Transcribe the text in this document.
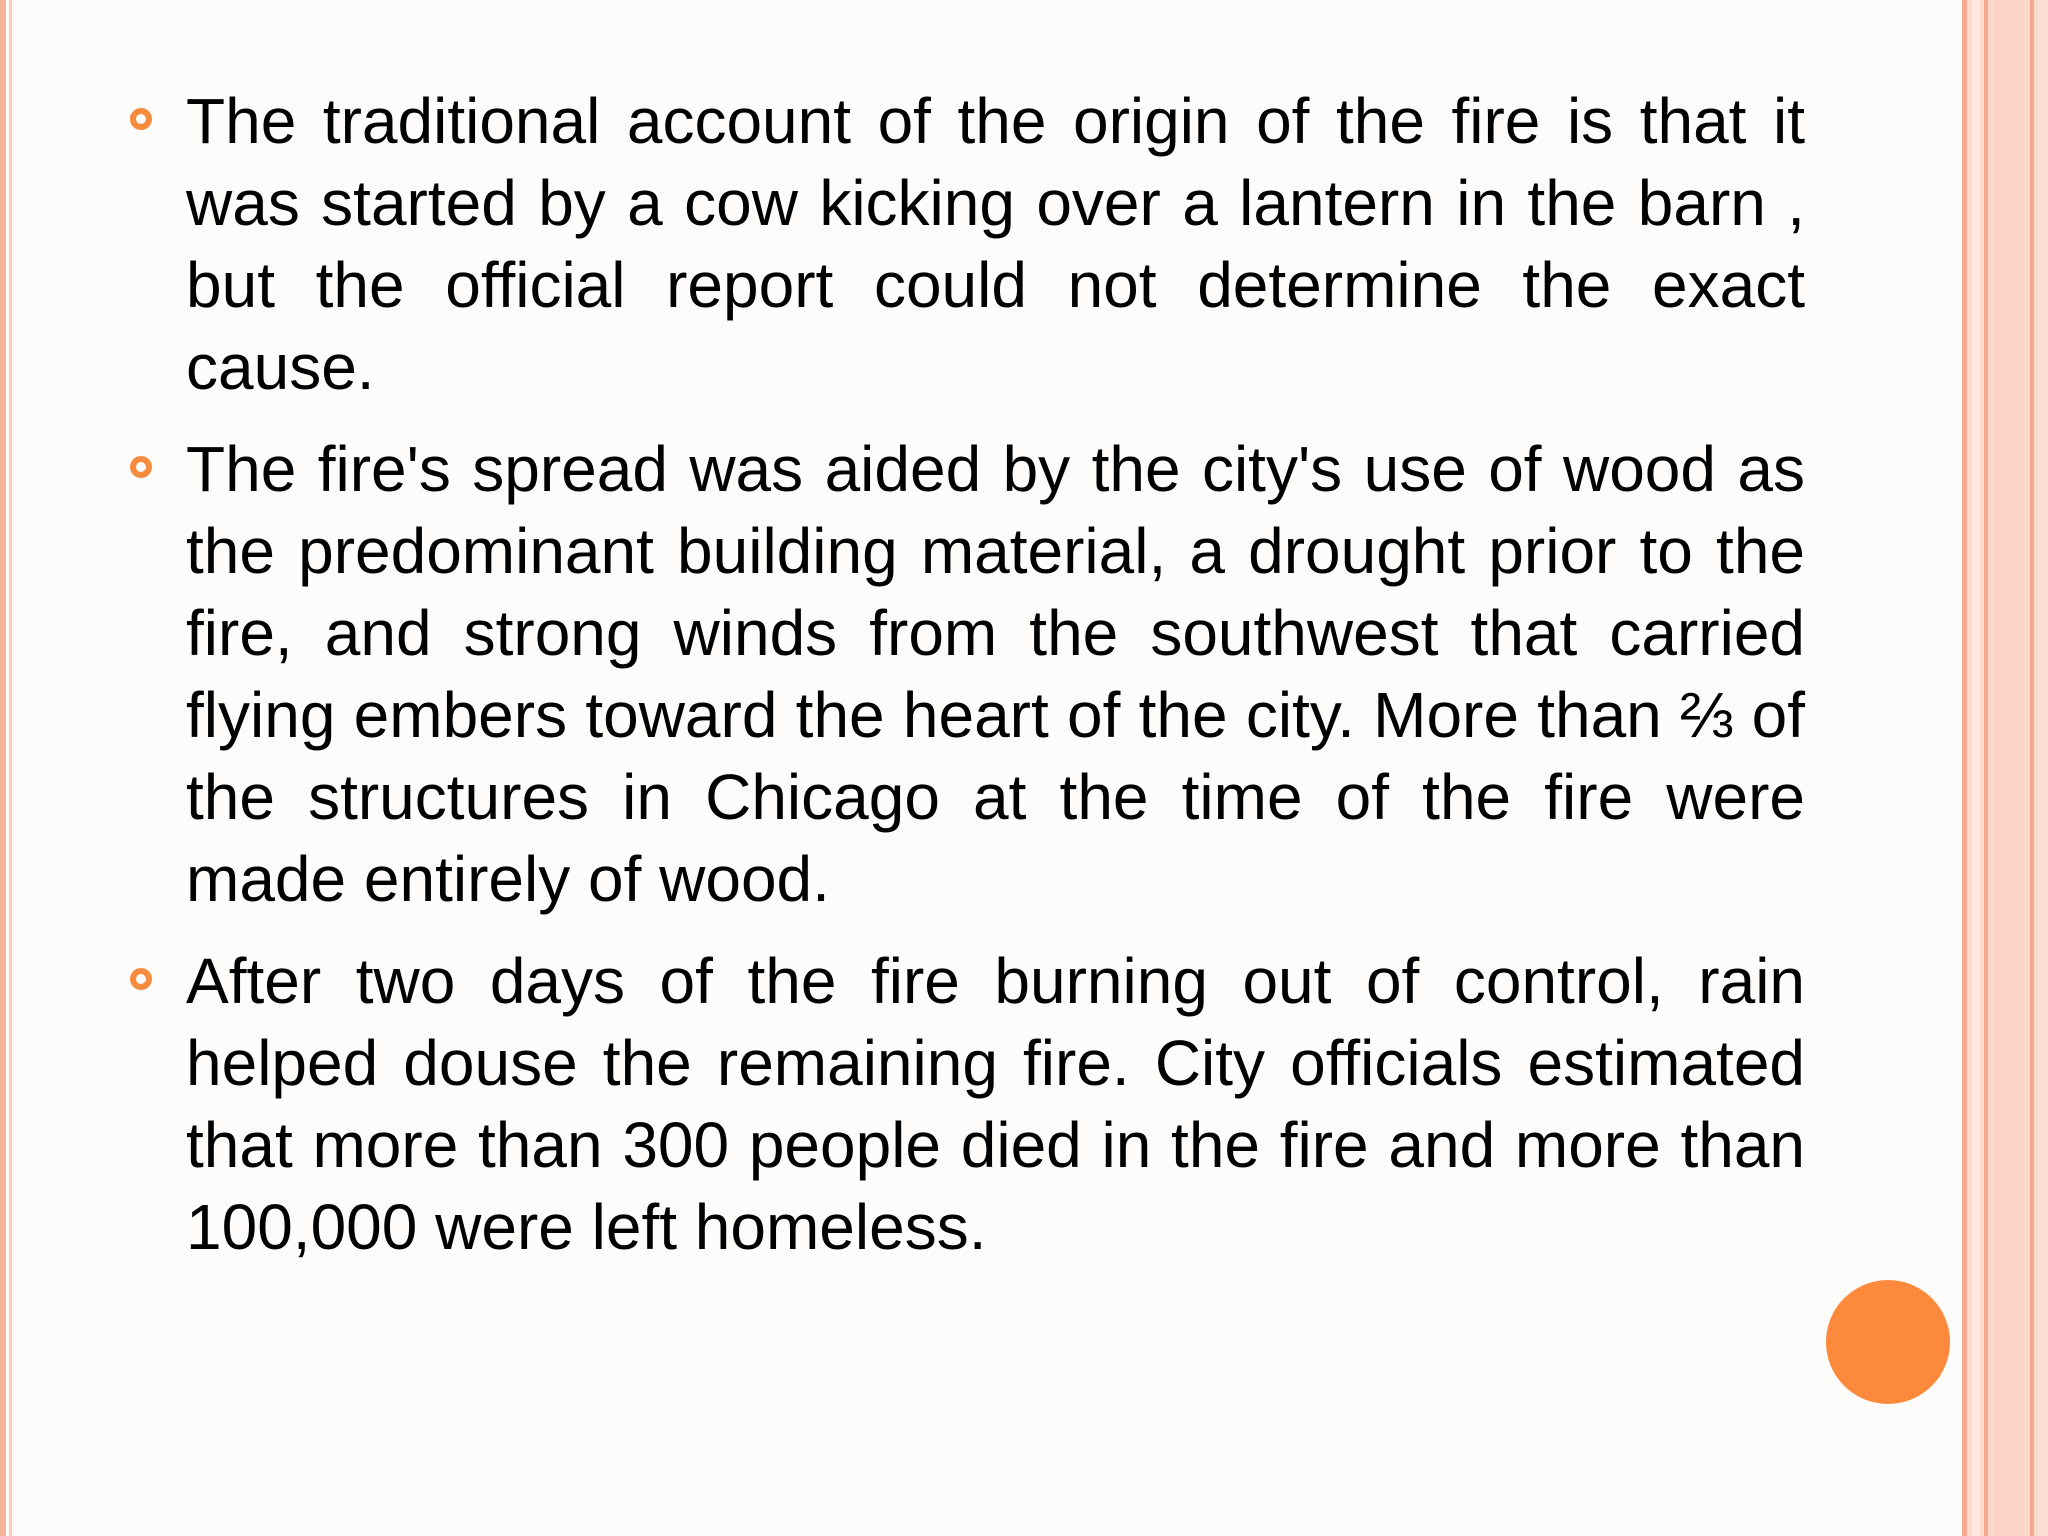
The traditional account of the origin of the fire is that it was started by a cow kicking over a lantern in the barn , but the official report could not determine the exact cause.
The fire's spread was aided by the city's use of wood as the predominant building material, a drought prior to the fire, and strong winds from the southwest that carried flying embers toward the heart of the city. More than ⅔ of the structures in Chicago at the time of the fire were made entirely of wood.
After two days of the fire burning out of control, rain helped douse the remaining fire. City officials estimated that more than 300 people died in the fire and more than 100,000 were left homeless.
